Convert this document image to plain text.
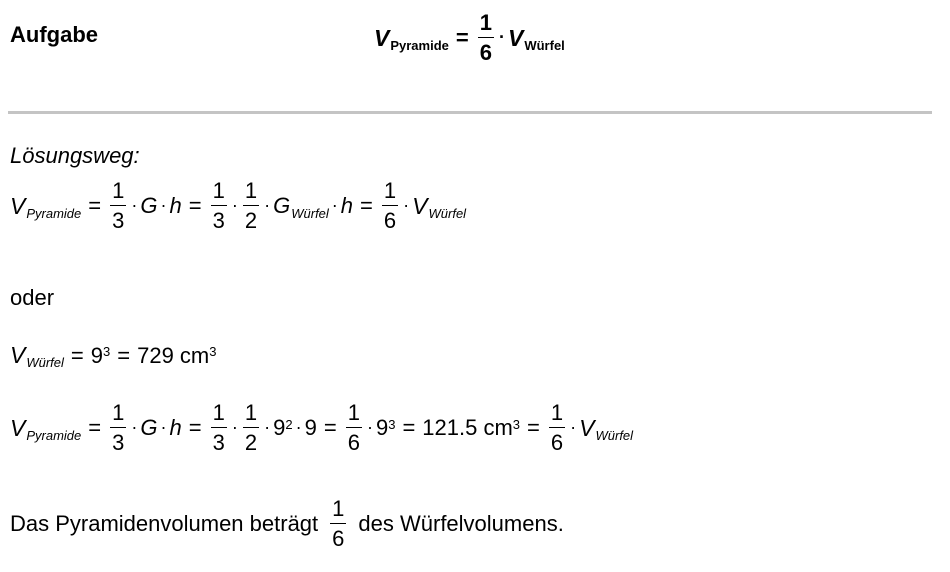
Aufgabe	V Pyramide = $\frac{1}{6} \cdot V$ Würfel
Lösungsweg:
V Pyramide = $\frac{1}{3} \cdot G \cdot h = \frac{1}{3} \cdot \frac{1}{2} \cdot G$ Würfel · $h = \frac{1}{6} \cdot V$ Würfel
oder
V Würfel = $9^3 = 729$ $cm^3$
V Pyramide = $\frac{1}{3} \cdot G \cdot h = \frac{1}{3} \cdot \frac{1}{2} \cdot 9^2 \cdot 9 = \frac{1}{6} \cdot 9^3 = 121.5$ $cm^3 = \frac{1}{6} \cdot V$ Würfel
Das Pyramidenvolumen beträgt $\frac{1}{6}$ des Würfelvolumens.
